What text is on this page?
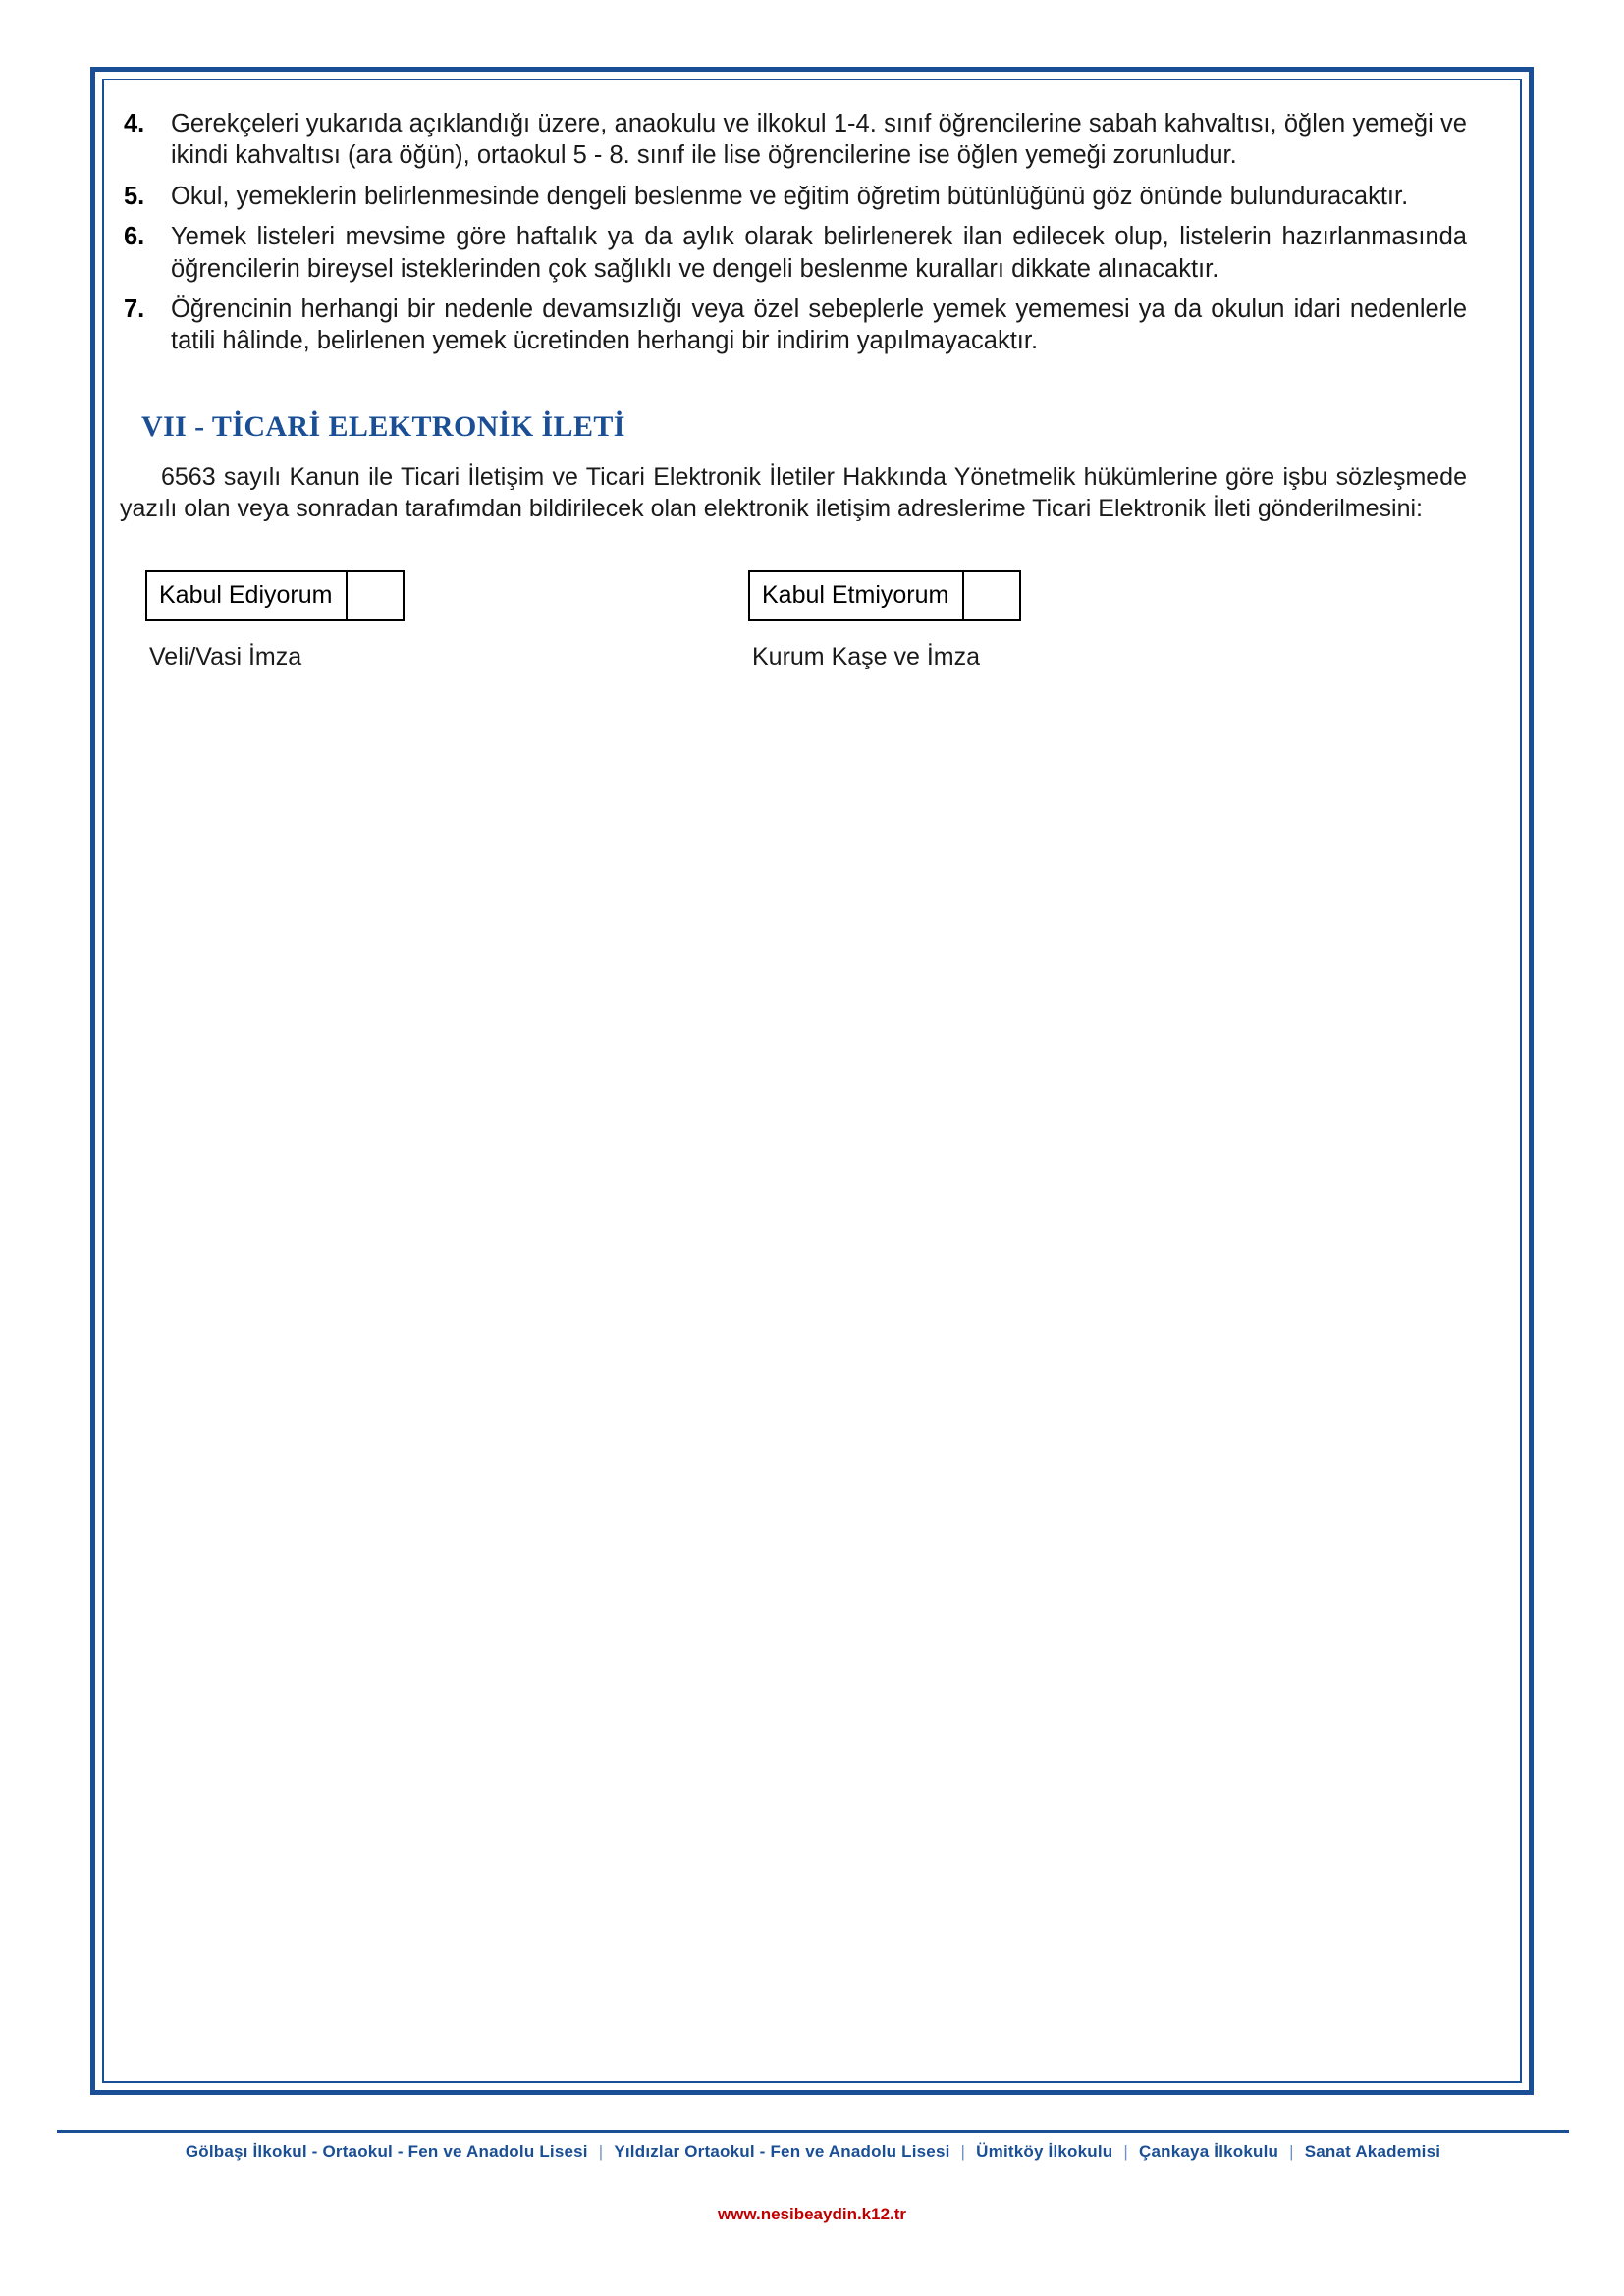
4. Gerekçeleri yukarıda açıklandığı üzere, anaokulu ve ilkokul 1-4. sınıf öğrencilerine sabah kahvaltısı, öğlen yemeği ve ikindi kahvaltısı (ara öğün), ortaokul 5 - 8. sınıf ile lise öğrencilerine ise öğlen yemeği zorunludur.
5. Okul, yemeklerin belirlenmesinde dengeli beslenme ve eğitim öğretim bütünlüğünü göz önünde bulunduracaktır.
6. Yemek listeleri mevsime göre haftalık ya da aylık olarak belirlenerek ilan edilecek olup, listelerin hazırlanmasında öğrencilerin bireysel isteklerinden çok sağlıklı ve dengeli beslenme kuralları dikkate alınacaktır.
7. Öğrencinin herhangi bir nedenle devamsızlığı veya özel sebeplerle yemek yememesi ya da okulun idari nedenlerle tatili hâlinde, belirlenen yemek ücretinden herhangi bir indirim yapılmayacaktır.
VII - TİCARİ ELEKTRONİK İLETİ
6563 sayılı Kanun ile Ticari İletişim ve Ticari Elektronik İletiler Hakkında Yönetmelik hükümlerine göre işbu sözleşmede yazılı olan veya sonradan tarafımdan bildirilecek olan elektronik iletişim adreslerime Ticari Elektronik İleti gönderilmesini:
Kabul Ediyorum	Kabul Etmiyorum
Veli/Vasi İmza	Kurum Kaşe ve İmza
Gölbaşı İlkokul - Ortaokul - Fen ve Anadolu Lisesi | Yıldızlar Ortaokul - Fen ve Anadolu Lisesi | Ümitköy İlkokulu | Çankaya İlkokulu | Sanat Akademisi
www.nesibeaydin.k12.tr
